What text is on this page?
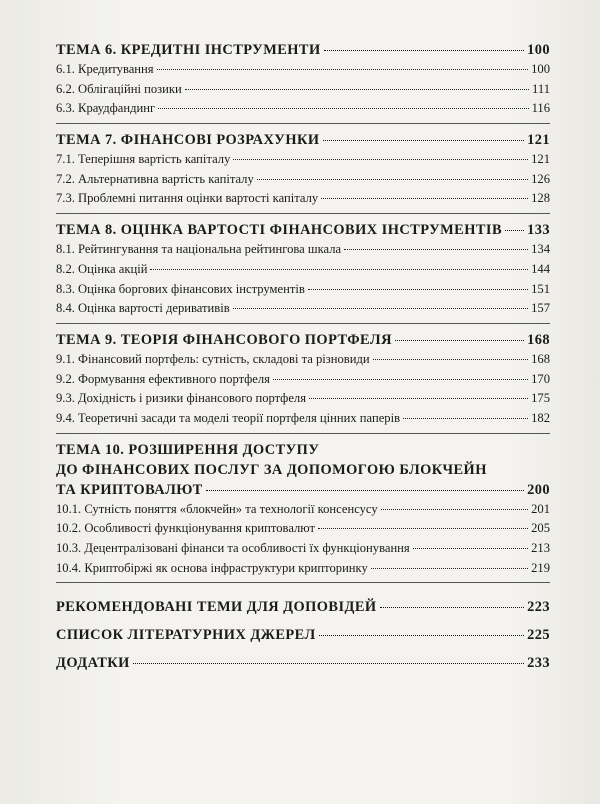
ТЕМА 6. КРЕДИТНІ ІНСТРУМЕНТИ	100
6.1. Кредитування	100
6.2. Облігаційні позики	111
6.3. Краудфандинг	116
ТЕМА 7. ФІНАНСОВІ РОЗРАХУНКИ	121
7.1. Теперішня вартість капіталу	121
7.2. Альтернативна вартість капіталу	126
7.3. Проблемні питання оцінки вартості капіталу	128
ТЕМА 8. ОЦІНКА ВАРТОСТІ ФІНАНСОВИХ ІНСТРУМЕНТІВ 133
8.1. Рейтингування та національна рейтингова шкала	134
8.2. Оцінка акцій	144
8.3. Оцінка боргових фінансових інструментів	151
8.4. Оцінка вартості деривативів	157
ТЕМА 9. ТЕОРІЯ ФІНАНСОВОГО ПОРТФЕЛЯ	168
9.1. Фінансовий портфель: сутність, складові та різновиди	168
9.2. Формування ефективного портфеля	170
9.3. Дохідність і ризики фінансового портфеля	175
9.4. Теоретичні засади та моделі теорії портфеля цінних паперів	182
ТЕМА 10. РОЗШИРЕННЯ ДОСТУПУ
ДО ФІНАНСОВИХ ПОСЛУГ ЗА ДОПОМОГОЮ БЛОКЧЕЙН
ТА КРИПТОВАЛЮТ	200
10.1. Сутність поняття «блокчейн» та технології консенсусу	201
10.2. Особливості функціонування криптовалют	205
10.3. Децентралізовані фінанси та особливості їх функціонування	213
10.4. Криптобіржі як основа інфраструктури крипторинку	219
РЕКОМЕНДОВАНІ ТЕМИ ДЛЯ ДОПОВІДЕЙ	223
СПИСОК ЛІТЕРАТУРНИХ ДЖЕРЕЛ	225
ДОДАТКИ	233
